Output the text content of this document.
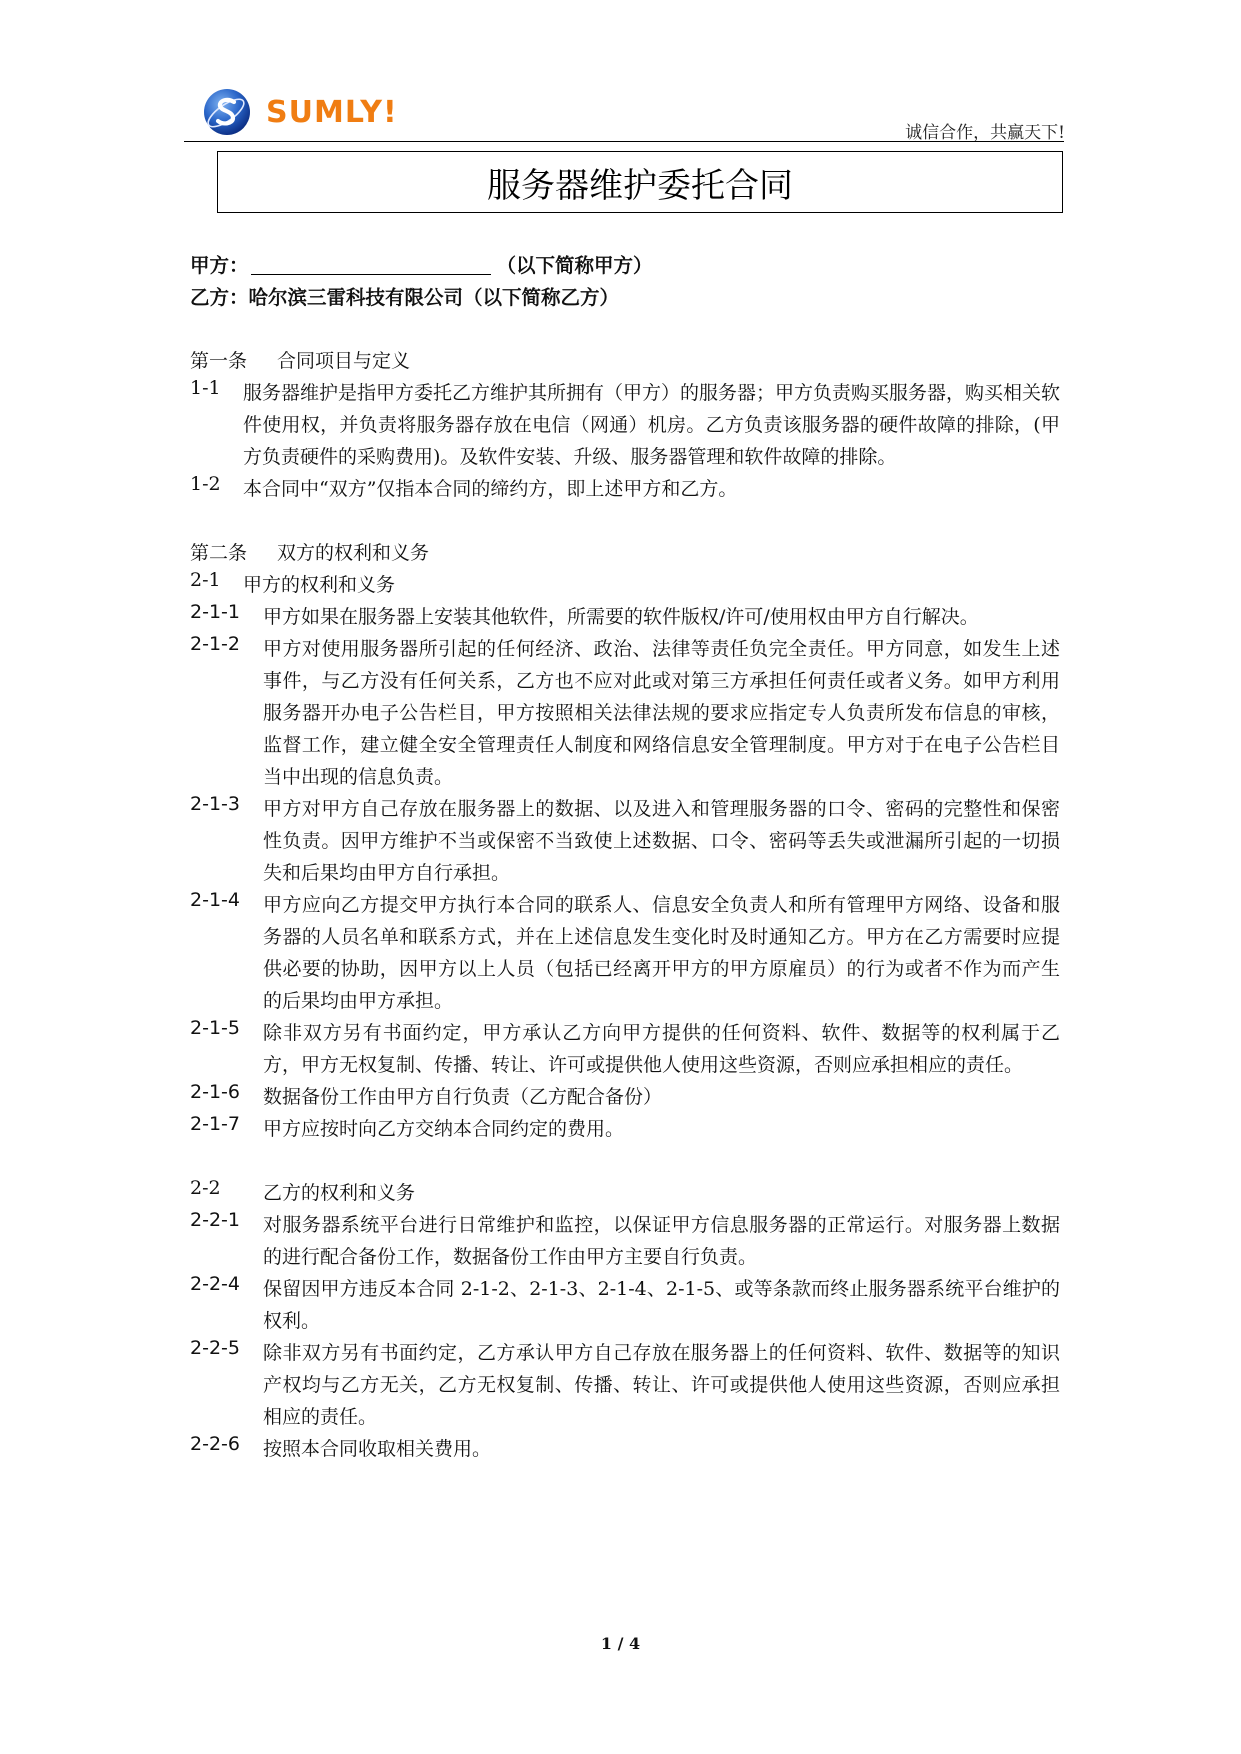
SUMLY!
诚信合作，共赢天下!
服务器维护委托合同
甲方：	（以下简称甲方）
乙方：哈尔滨三雷科技有限公司（以下简称乙方）
第一条 合同项目与定义
1-1	服务器维护是指甲方委托乙方维护其所拥有（甲方）的服务器；甲方负责购买服务器，购买相关软件使用权，并负责将服务器存放在电信（网通）机房。乙方负责该服务器的硬件故障的排除，(甲方负责硬件的采购费用)。及软件安装、升级、服务器管理和软件故障的排除。
1-2	本合同中“双方”仅指本合同的缔约方，即上述甲方和乙方。
第二条 双方的权利和义务
2-1	甲方的权利和义务
2-1-1	甲方如果在服务器上安装其他软件，所需要的软件版权/许可/使用权由甲方自行解决。
2-1-2	甲方对使用服务器所引起的任何经济、政治、法律等责任负完全责任。甲方同意，如发生上述事件，与乙方没有任何关系，乙方也不应对此或对第三方承担任何责任或者义务。如甲方利用服务器开办电子公告栏目，甲方按照相关法律法规的要求应指定专人负责所发布信息的审核，监督工作，建立健全安全管理责任人制度和网络信息安全管理制度。甲方对于在电子公告栏目当中出现的信息负责。
2-1-3	甲方对甲方自己存放在服务器上的数据、以及进入和管理服务器的口令、密码的完整性和保密性负责。因甲方维护不当或保密不当致使上述数据、口令、密码等丢失或泄漏所引起的一切损失和后果均由甲方自行承担。
2-1-4	甲方应向乙方提交甲方执行本合同的联系人、信息安全负责人和所有管理甲方网络、设备和服务器的人员名单和联系方式，并在上述信息发生变化时及时通知乙方。甲方在乙方需要时应提供必要的协助，因甲方以上人员（包括已经离开甲方的甲方原雇员）的行为或者不作为而产生的后果均由甲方承担。
2-1-5	除非双方另有书面约定，甲方承认乙方向甲方提供的任何资料、软件、数据等的权利属于乙方，甲方无权复制、传播、转让、许可或提供他人使用这些资源，否则应承担相应的责任。
2-1-6	数据备份工作由甲方自行负责（乙方配合备份）
2-1-7	甲方应按时向乙方交纳本合同约定的费用。
2-2	乙方的权利和义务
2-2-1	对服务器系统平台进行日常维护和监控，以保证甲方信息服务器的正常运行。对服务器上数据的进行配合备份工作，数据备份工作由甲方主要自行负责。
2-2-4	保留因甲方违反本合同 2-1-2、2-1-3、2-1-4、2-1-5、或等条款而终止服务器系统平台维护的权利。
2-2-5	除非双方另有书面约定，乙方承认甲方自己存放在服务器上的任何资料、软件、数据等的知识产权均与乙方无关，乙方无权复制、传播、转让、许可或提供他人使用这些资源，否则应承担相应的责任。
2-2-6	按照本合同收取相关费用。
1 / 4
